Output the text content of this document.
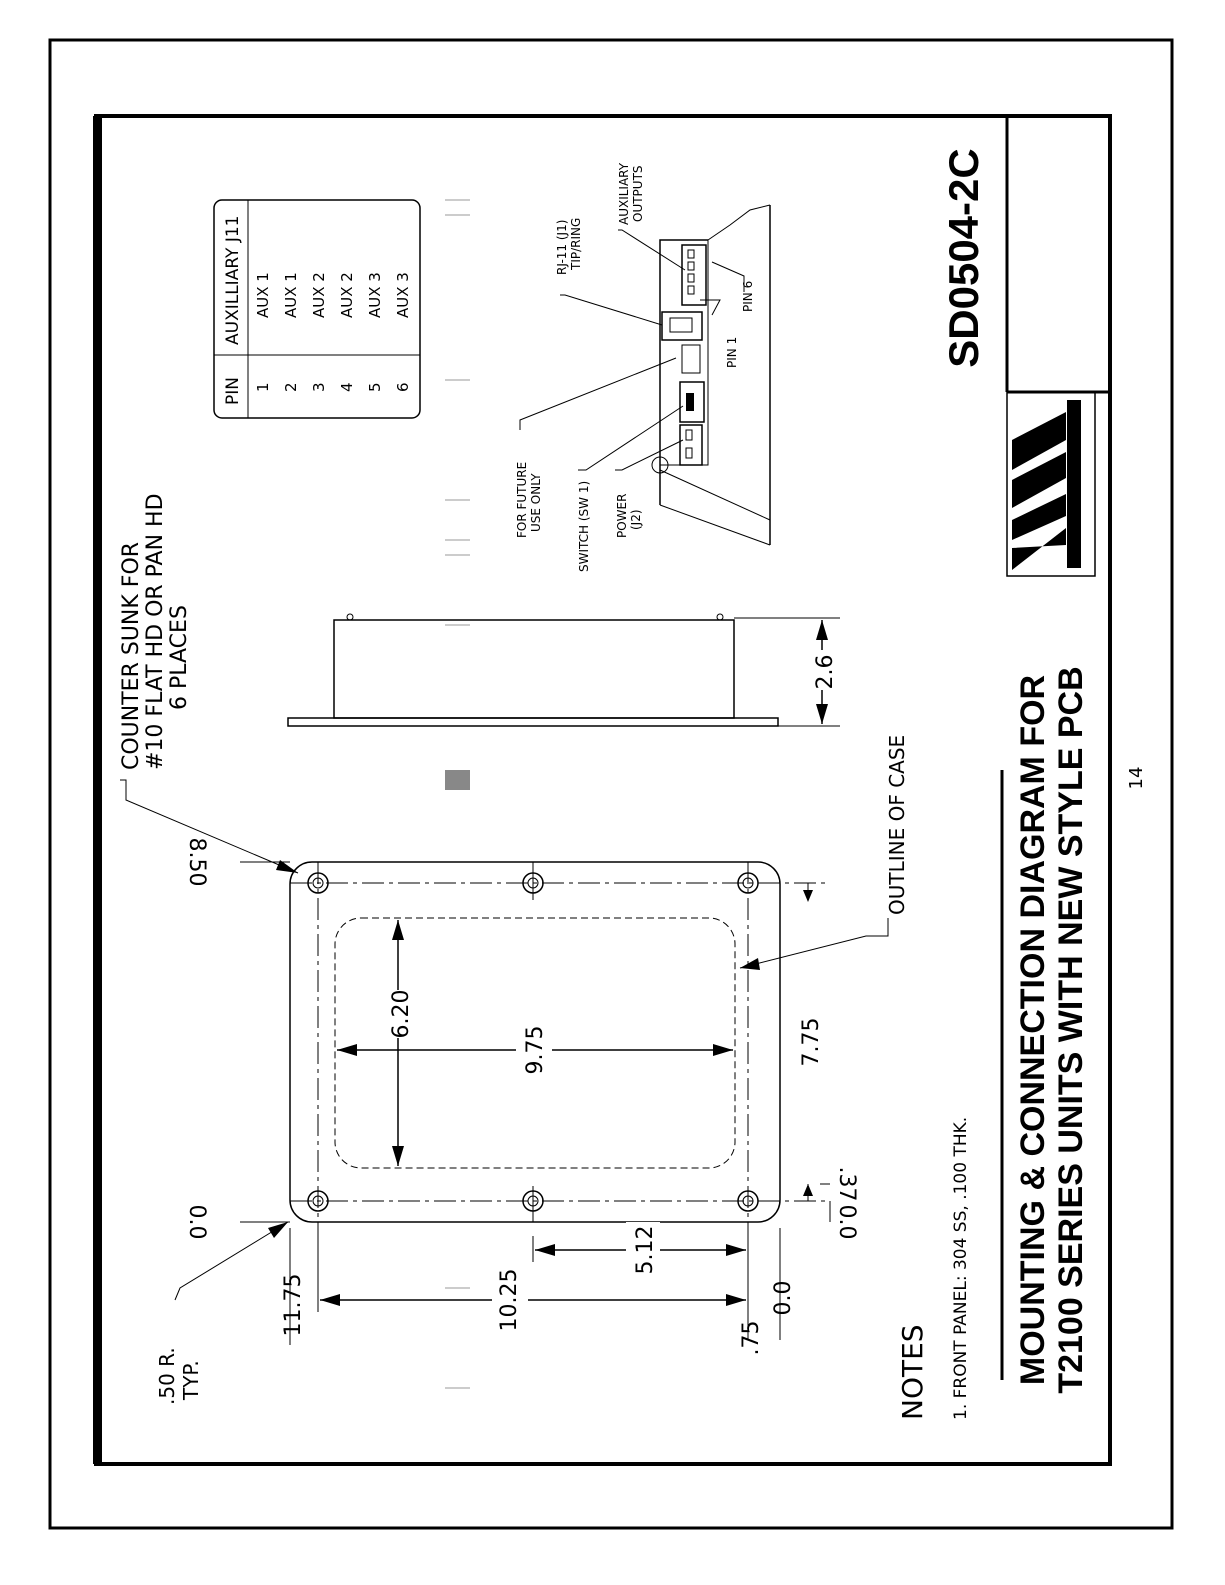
14
SD0504-2C
MOUNTING & CONNECTION DIAGRAM FOR T2100 SERIES UNITS WITH NEW STYLE PCB
NOTES 1. FRONT PANEL: 304 SS, .100 THK.
6.20
9.75
5.12
10.25
11.75
.75
0.0
8.50
0.0
7.75
.37
0.0
COUNTER SUNK FOR #10 FLAT HD OR PAN HD 6 PLACES
OUTLINE OF CASE
.50 R. TYP.
2.6
PIN
AUXILLIARY J11
1
AUX 1
2
AUX 1
3
AUX 2
4
AUX 2
5
AUX 3
6
AUX 3
RJ-11 (J1) TIP/RING
AUXILIARY OUTPUTS
FOR FUTURE USE ONLY	SWITCH (SW 1) POWER (J2)
PIN 1
PIN 6
